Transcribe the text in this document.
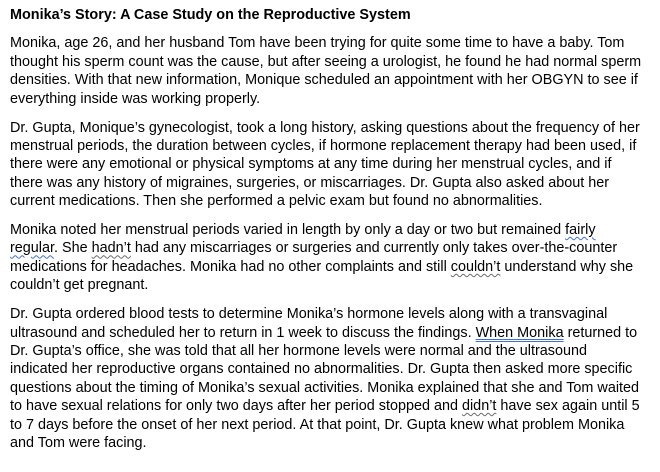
Monika’s Story: A Case Study on the Reproductive System

Monika, age 26, and her husband Tom have been trying for quite some time to have a baby. Tom thought his sperm count was the cause, but after seeing a urologist, he found he had normal sperm densities. With that new information, Monique scheduled an appointment with her OBGYN to see if everything inside was working properly.

Dr. Gupta, Monique’s gynecologist, took a long history, asking questions about the frequency of her menstrual periods, the duration between cycles, if hormone replacement therapy had been used, if there were any emotional or physical symptoms at any time during her menstrual cycles, and if there was any history of migraines, surgeries, or miscarriages. Dr. Gupta also asked about her current medications. Then she performed a pelvic exam but found no abnormalities.

Monika noted her menstrual periods varied in length by only a day or two but remained fairly regular. She hadn’t had any miscarriages or surgeries and currently only takes over-the-counter medications for headaches. Monika had no other complaints and still couldn’t understand why she couldn’t get pregnant.

Dr. Gupta ordered blood tests to determine Monika’s hormone levels along with a transvaginal ultrasound and scheduled her to return in 1 week to discuss the findings. When Monika returned to Dr. Gupta’s office, she was told that all her hormone levels were normal and the ultrasound indicated her reproductive organs contained no abnormalities. Dr. Gupta then asked more specific questions about the timing of Monika’s sexual activities. Monika explained that she and Tom waited to have sexual relations for only two days after her period stopped and didn’t have sex again until 5 to 7 days before the onset of her next period. At that point, Dr. Gupta knew what problem Monika and Tom were facing.
